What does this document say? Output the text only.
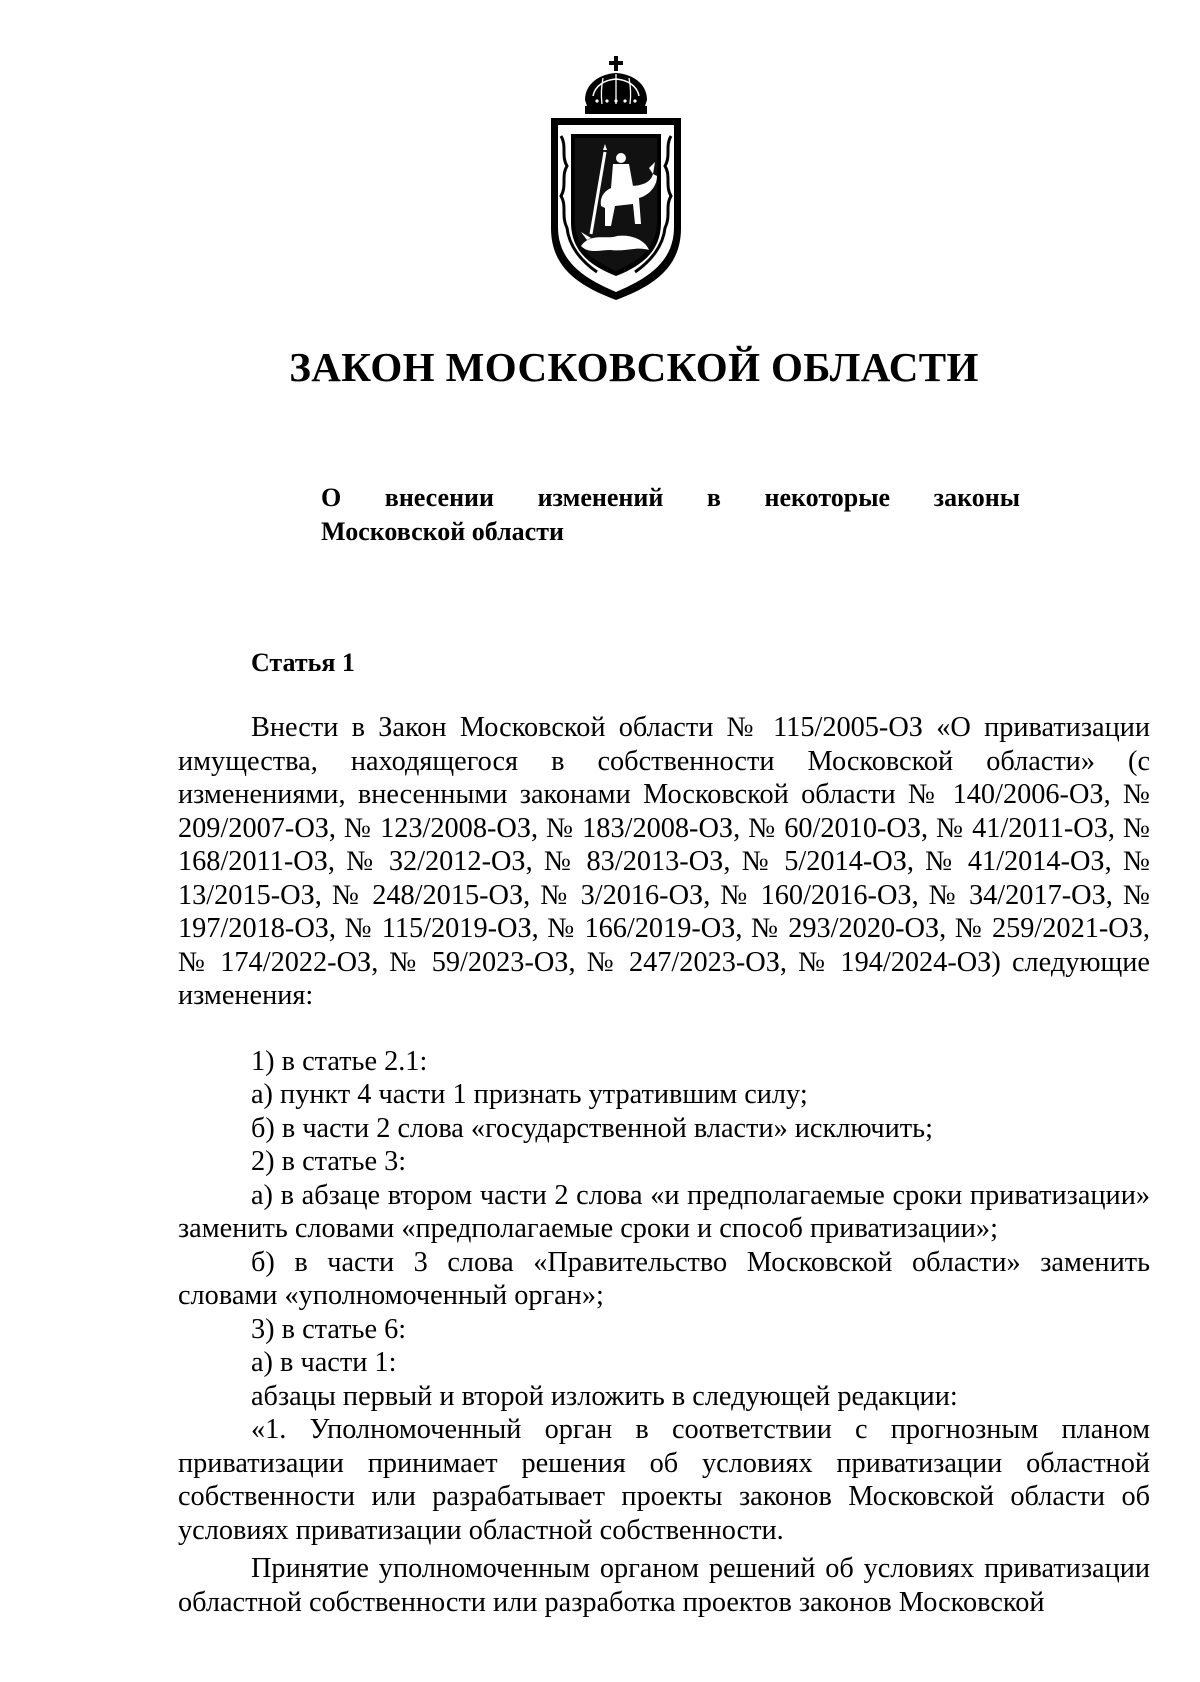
ЗАКОН МОСКОВСКОЙ ОБЛАСТИ
О внесении изменений в некоторые законы
Московской области
Статья 1

Внести в Закон Московской области № 115/2005-ОЗ «О приватизации имущества, находящегося в собственности Московской области» (с изменениями, внесенными законами Московской области № 140/2006-ОЗ, № 209/2007-ОЗ, № 123/2008-ОЗ, № 183/2008-ОЗ, № 60/2010-ОЗ, № 41/2011-ОЗ, № 168/2011-ОЗ, № 32/2012-ОЗ, № 83/2013-ОЗ, № 5/2014-ОЗ, № 41/2014-ОЗ, № 13/2015-ОЗ, № 248/2015-ОЗ, № 3/2016-ОЗ, № 160/2016-ОЗ, № 34/2017-ОЗ, № 197/2018-ОЗ, № 115/2019-ОЗ, № 166/2019-ОЗ, № 293/2020-ОЗ, № 259/2021-ОЗ, № 174/2022-ОЗ, № 59/2023-ОЗ, № 247/2023-ОЗ, № 194/2024-ОЗ) следующие изменения:

1) в статье 2.1:

а) пункт 4 части 1 признать утратившим силу;

б) в части 2 слова «государственной власти» исключить;

2) в статье 3:

а) в абзаце втором части 2 слова «и предполагаемые сроки приватизации» заменить словами «предполагаемые сроки и способ приватизации»;

б) в части 3 слова «Правительство Московской области» заменить словами «уполномоченный орган»;

3) в статье 6:

а) в части 1:

абзацы первый и второй изложить в следующей редакции:

«1. Уполномоченный орган в соответствии с прогнозным планом приватизации принимает решения об условиях приватизации областной собственности или разрабатывает проекты законов Московской области об условиях приватизации областной собственности.

Принятие уполномоченным органом решений об условиях приватизации областной собственности или разработка проектов законов Московской
